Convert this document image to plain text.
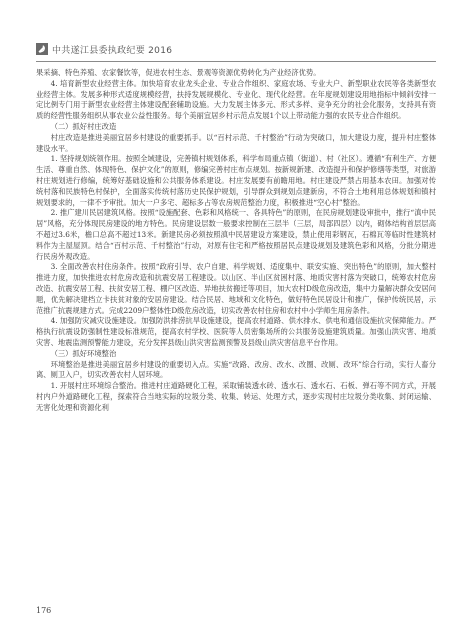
中共遂江县委执政纪要 2016

果采摘、特色养殖、农家餐饮等，促进农村生态、景观等资源优势转化为产业经济优势。

4. 培育新型农业经营主体。加快培育农业龙头企业、专业合作组织、家庭农场、专业大户、新型职业农民等各类新型农业经营主体。发展多种形式适度规模经营，扶持发展规模化、专业化、现代化经营。在年度规划建设用地指标中倾斜安排一定比例专门用于新型农业经营主体建设配套辅助设施。大力发展主体多元、形式多样、竞争充分的社会化服务，支持具有资质的经营性服务组织从事农业公益性服务。每个美丽宜居乡村示范点发展1个以上带动能力强的农民专业合作组织。

（二）抓好村庄改造

村庄改造是推进美丽宜居乡村建设的重要抓手。以“百村示范、千村整治”行动为突破口，加大建设力度，提升村庄整体建设水平。

1. 坚持规划统领作用。按照全域建设，完善镇村规划体系，科学布局重点镇（街道）、村（社区）。遵循“有利生产、方便生活、尊重自然、体现特色、保护文化”的原则，修编完善村庄布点规划。按新规新建、改造提升和保护修缮等类型，对旅游村庄规划进行修编，统筹好基础设施和公共服务体系建设。村庄发展要有前瞻用地。村庄建设严禁占用基本农田。加强对传统村落和民族特色村保护，全面落实传统村落历史民保护规划，引导群众到规划点建新房，不符合土地利用总体规划和镇村规划要求的，一律不予审批。加大一户多宅、超标多占等农房规范整治力度，积极推进“空心村”整治。

2. 推广建川民居建筑风格。按照“设施配套、色彩和风格统一、各具特色”的原则，在民房规划建设审批中，推行“滇中民居”风格，充分体现民房建设的地方特色。民房建设层数一般要求控制在三层半（三层，局部四层）以内，砌体结构首层层高不超过3.6米，檐口总高不超过13米。新建民房必须按照滇中民居建设方案建设，禁止使用彩钢瓦，石棉瓦等临时性建筑材料作为主屋屋顶。结合“百村示范、千村整治”行动，对原有住宅和严格按照居民点建设规划及建筑色彩和风格，分批分期进行民房外观改造。

3. 全面改善农村住房条件。按照“政府引导、农户自建、科学规划、适度集中、联安实施、突出特色”的原则，加大整村推进力度，加快推进农村危房改造和抗震安居工程建设。以山区、半山区贫困村落、地质灾害村落为突破口，统筹农村危房改造、抗震安居工程、扶贫安居工程、棚户区改造、异地扶贫搬迁等项目，加大农村D级危房改造，集中力量解决群众安居问题，优先解决建档立卡扶贫对象的安居房建设。结合民居、地域和文化特色，做好特色民居设计和推广，保护传统民居，示范推广抗震规建方式。完成2209户整体性D级危房改造，切实改善农村住房和农村中小学师生用房条件。

4. 加强防灾减灾设施建设。加强防洪排涝抗旱设施建设，提高农村道路、供水排水、供电和通信设施抗灾保障能力。严格执行抗震设防强制性建设标准规范，提高农村学校、医院等人员密集场所的公共服务设施建筑质量。加强山洪灾害、地质灾害、地震监测预警能力建设，充分发挥县级山洪灾害监测预警及县级山洪灾害信息平台作用。

（三）抓好环境整治

环境整治是推进美丽宜居乡村建设的重要切入点。实施“改路、改房、改水、改圈、改厕、改环”综合行动，实行人畜分离、厕卫入户，切实改善农村人居环境。

1. 开展村庄环境综合整治。推进村庄道路硬化工程，采取铺装透水砖、透水石、透水石、石板、弹石等不同方式，开展村内户外道路硬化工程，探索符合当地实际的垃圾分类、收集、转运、处理方式，逐步实现村庄垃圾分类收集、封闭运输、无害化处理和资源化利

176
